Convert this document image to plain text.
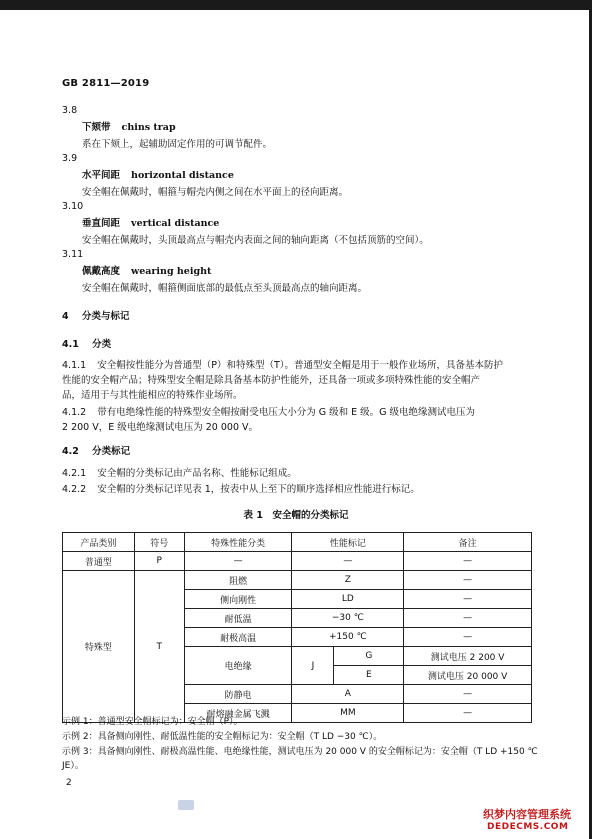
GB 2811—2019
3.8
下颏带 chins trap
系在下颏上，起辅助固定作用的可调节配件。
3.9
水平间距 horizontal distance
安全帽在佩戴时，帽箍与帽壳内侧之间在水平面上的径向距离。
3.10
垂直间距 vertical distance
安全帽在佩戴时，头顶最高点与帽壳内表面之间的轴向距离（不包括顶筋的空间）。
3.11
佩戴高度 wearing height
安全帽在佩戴时，帽箍侧面底部的最低点至头顶最高点的轴向距离。
4 分类与标记
4.1 分类
4.1.1 安全帽按性能分为普通型（P）和特殊型（T）。普通型安全帽是用于一般作业场所，具备基本防护
性能的安全帽产品；特殊型安全帽是除具备基本防护性能外，还具备一项或多项特殊性能的安全帽产
品，适用于与其性能相应的特殊作业场所。
4.1.2 带有电绝缘性能的特殊型安全帽按耐受电压大小分为 G 级和 E 级。G 级电绝缘测试电压为
2 200 V，E 级电绝缘测试电压为 20 000 V。
4.2 分类标记
4.2.1 安全帽的分类标记由产品名称、性能标记组成。
4.2.2 安全帽的分类标记详见表 1，按表中从上至下的顺序选择相应性能进行标记。
表 1　安全帽的分类标记
产品类别	符号	特殊性能分类	性能标记		备注
普通型	P	—	—		—
特殊型	T	阻燃	Z		—
		侧向刚性	LD		—
		耐低温	−30 ℃		—
		耐极高温	+150 ℃		—
		电绝缘	J	G	测试电压 2 200 V
				E	测试电压 20 000 V
		防静电	A		—
		耐熔融金属飞溅	MM		—
示例 1：普通型安全帽标记为：安全帽（P）。
示例 2：具备侧向刚性、耐低温性能的安全帽标记为：安全帽（T LD −30 ℃）。
示例 3：具备侧向刚性、耐极高温性能、电绝缘性能，测试电压为 20 000 V 的安全帽标记为：安全帽（T LD +150 ℃
JE）。
2
织梦内容管理系统
DEDECMS.COM
